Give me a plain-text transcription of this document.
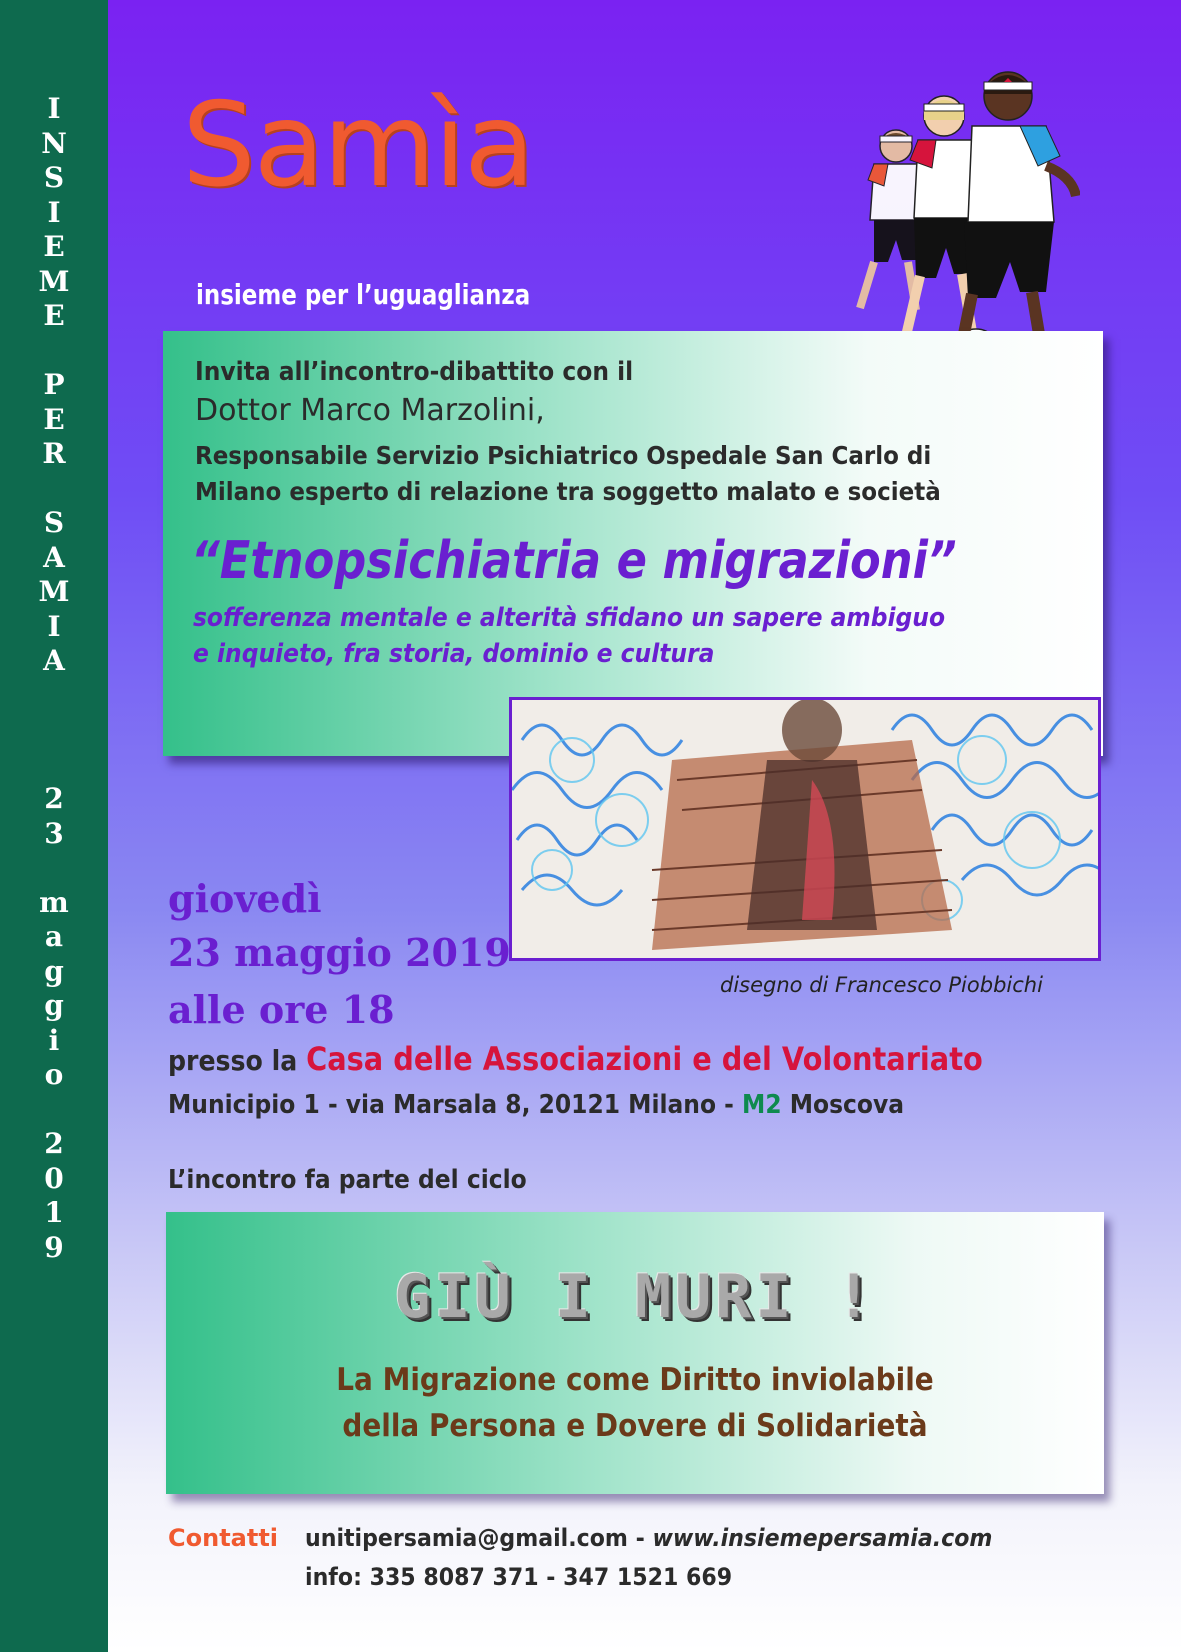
I
N
S
I
E
M
E
P
E
R
S
A
M
I
A
2
3
m
a
g
g
i
o
2
0
1
9
Samìa
insieme per l’uguaglianza
Invita all’incontro-dibattito con il
Dottor Marco Marzolini,
Responsabile Servizio Psichiatrico Ospedale San Carlo di
Milano esperto di relazione tra soggetto malato e società
“Etnopsichiatria e migrazioni”
sofferenza mentale e alterità sfidano un sapere ambiguo
e inquieto, fra storia, dominio e cultura
disegno di Francesco Piobbichi
giovedì
23 maggio 2019
alle ore 18
presso la Casa delle Associazioni e del Volontariato
Municipio 1 - via Marsala 8, 20121 Milano - M2 Moscova
L’incontro fa parte del ciclo
GIÙ I MURI !
La Migrazione come Diritto inviolabile
della Persona e Dovere di Solidarietà
Contatti unitipersamia@gmail.com - www.insiemepersamia.com
info: 335 8087 371 - 347 1521 669
